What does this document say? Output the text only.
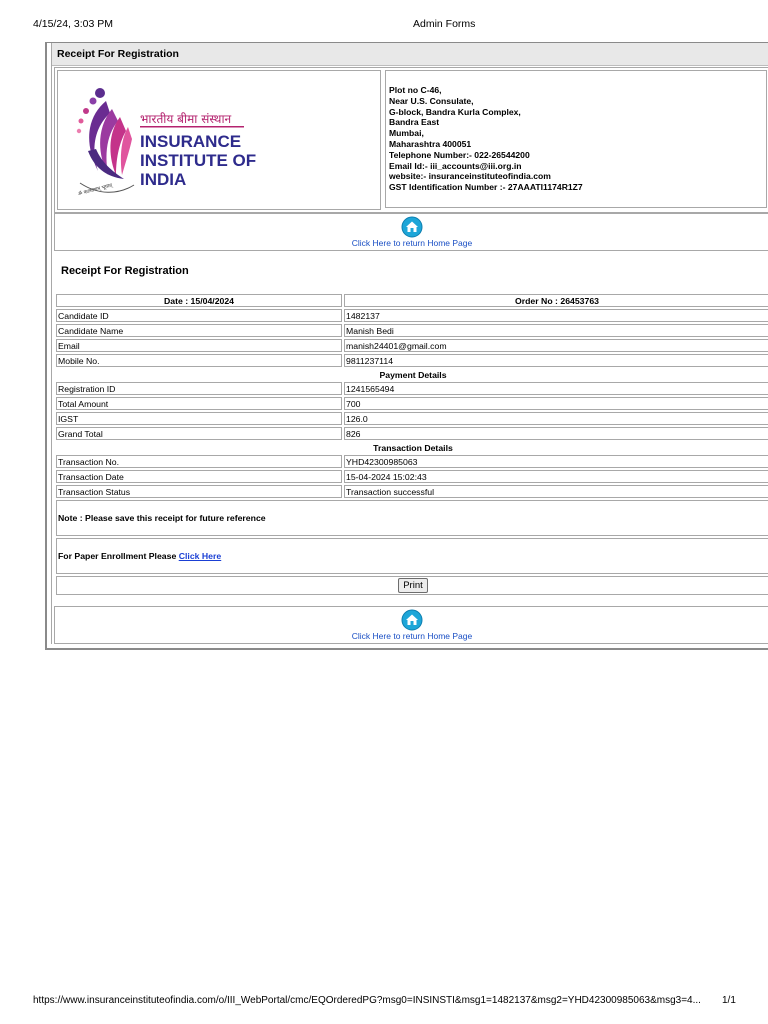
4/15/24, 3:03 PM	Admin Forms
Receipt For Registration
ॐ कल्याणम् भूयात्
भारतीय बीमा संस्थान
INSURANCE
INSTITUTE OF
INDIA
Plot no C-46,
Near U.S. Consulate,
G-block, Bandra Kurla Complex,
Bandra East
Mumbai,
Maharashtra 400051
Telephone Number:- 022-26544200
Email Id:- iii_accounts@iii.org.in
website:- insuranceinstituteofindia.com
GST Identification Number :- 27AAATI1174R1Z7
Click Here to return Home Page
Receipt For Registration
Date : 15/04/2024	Order No : 26453763
Candidate ID	1482137
Candidate Name	Manish Bedi
Email	manish24401@gmail.com
Mobile No.	9811237114
Payment Details	
Registration ID	1241565494
Total Amount	700
IGST	126.0
Grand Total	826
Transaction Details	
Transaction No.	YHD42300985063
Transaction Date	15-04-2024 15:02:43
Transaction Status	Transaction successful
Note : Please save this receipt for future reference	
For Paper Enrollment Please Click Here	
Print	
Click Here to return Home Page
https://www.insuranceinstituteofindia.com/o/III_WebPortal/cmc/EQOrderedPG?msg0=INSINSTI&msg1=1482137&msg2=YHD42300985063&msg3=4...	1/1
